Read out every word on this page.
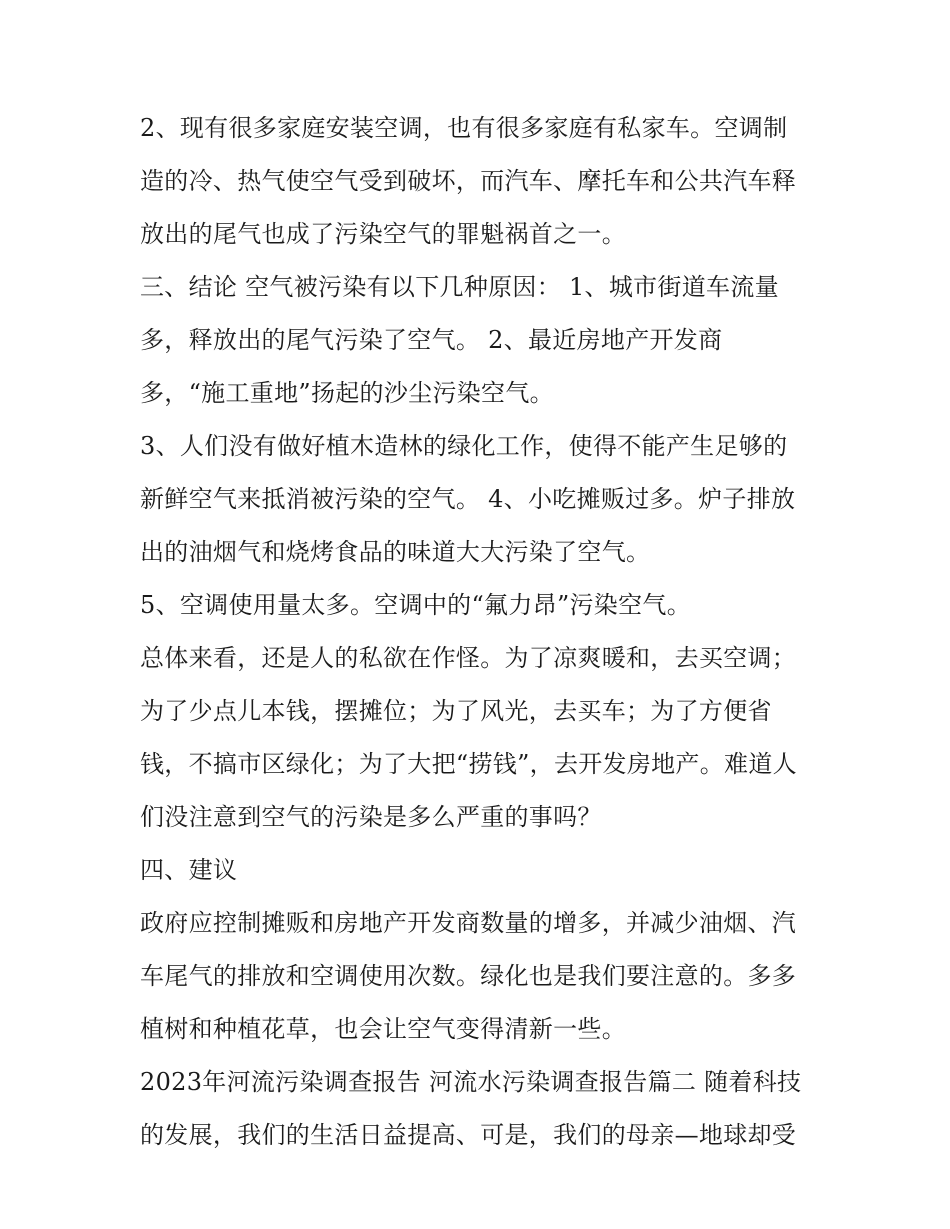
2、现有很多家庭安装空调，也有很多家庭有私家车。空调制
造的冷、热气使空气受到破坏，而汽车、摩托车和公共汽车释
放出的尾气也成了污染空气的罪魁祸首之一。
三、结论 空气被污染有以下几种原因： 1、城市街道车流量
多，释放出的尾气污染了空气。 2、最近房地产开发商
多，“施工重地”扬起的沙尘污染空气。
3、人们没有做好植木造林的绿化工作，使得不能产生足够的
新鲜空气来抵消被污染的空气。 4、小吃摊贩过多。炉子排放
出的油烟气和烧烤食品的味道大大污染了空气。
5、空调使用量太多。空调中的“氟力昂”污染空气。
总体来看，还是人的私欲在作怪。为了凉爽暖和，去买空调；
为了少点儿本钱，摆摊位；为了风光，去买车；为了方便省
钱，不搞市区绿化；为了大把“捞钱”，去开发房地产。难道人
们没注意到空气的污染是多么严重的事吗？
四、建议
政府应控制摊贩和房地产开发商数量的增多，并减少油烟、汽
车尾气的排放和空调使用次数。绿化也是我们要注意的。多多
植树和种植花草，也会让空气变得清新一些。
2023年河流污染调查报告 河流水污染调查报告篇二 随着科技
的发展，我们的生活日益提高、可是，我们的母亲—地球却受
